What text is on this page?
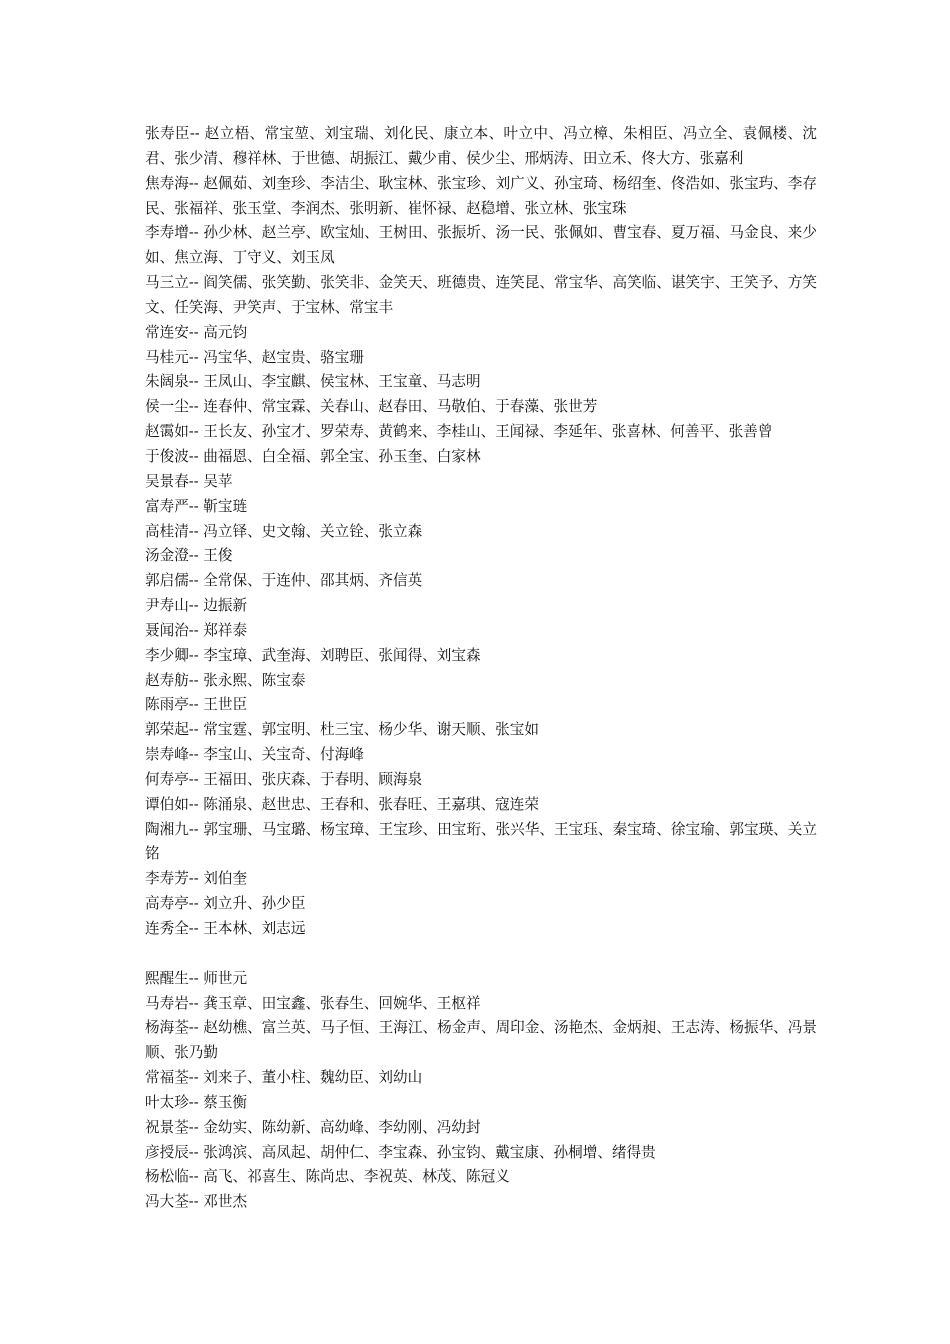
张寿臣-- 赵立梧、常宝堃、刘宝瑞、刘化民、康立本、叶立中、冯立樟、朱相臣、冯立全、袁佩楼、沈君、张少清、穆祥林、于世德、胡振江、戴少甫、侯少尘、邢炳涛、田立禾、佟大方、张嘉利

焦寿海-- 赵佩茹、刘奎珍、李洁尘、耿宝林、张宝珍、刘广义、孙宝琦、杨绍奎、佟浩如、张宝玙、李存民、张福祥、张玉堂、李润杰、张明新、崔怀禄、赵稳增、张立林、张宝珠

李寿增-- 孙少林、赵兰亭、欧宝灿、王树田、张振圻、汤一民、张佩如、曹宝春、夏万福、马金良、来少如、焦立海、丁守义、刘玉凤

马三立-- 阎笑儒、张笑勤、张笑非、金笑天、班德贵、连笑昆、常宝华、高笑临、谌笑宇、王笑予、方笑文、任笑海、尹笑声、于宝林、常宝丰

常连安-- 高元钧

马桂元-- 冯宝华、赵宝贵、骆宝珊

朱阔泉-- 王凤山、李宝麒、侯宝林、王宝童、马志明

侯一尘-- 连春仲、常宝霖、关春山、赵春田、马敬伯、于春藻、张世芳

赵霭如-- 王长友、孙宝才、罗荣寿、黄鹤来、李桂山、王闻禄、李延年、张喜林、何善平、张善曾

于俊波-- 曲福恩、白全福、郭全宝、孙玉奎、白家林

吴景春-- 吴苹

富寿严-- 靳宝琏

高桂清-- 冯立铎、史文翰、关立铨、张立森

汤金澄-- 王俊

郭启儒-- 全常保、于连仲、邵其炳、齐信英

尹寿山-- 边振新

聂闻治-- 郑祥泰

李少卿-- 李宝璋、武奎海、刘聘臣、张闻得、刘宝森

赵寿舫-- 张永熙、陈宝泰

陈雨亭-- 王世臣

郭荣起-- 常宝霆、郭宝明、杜三宝、杨少华、谢天顺、张宝如

崇寿峰-- 李宝山、关宝奇、付海峰

何寿亭-- 王福田、张庆森、于春明、顾海泉

谭伯如-- 陈涌泉、赵世忠、王春和、张春旺、王嘉琪、寇连荣

陶湘九-- 郭宝珊、马宝璐、杨宝璋、王宝珍、田宝珩、张兴华、王宝珏、秦宝琦、徐宝瑜、郭宝瑛、关立铭

李寿芳-- 刘伯奎

高寿亭-- 刘立升、孙少臣

连秀全-- 王本林、刘志远

熙醒生-- 师世元

马寿岩-- 龚玉章、田宝鑫、张春生、回婉华、王枢祥

杨海荃-- 赵幼樵、富兰英、马子恒、王海江、杨金声、周印金、汤艳杰、金炳昶、王志涛、杨振华、冯景顺、张乃勤

常福荃-- 刘来子、董小柱、魏幼臣、刘幼山

叶太珍-- 蔡玉衡

祝景荃-- 金幼实、陈幼新、高幼峰、李幼刚、冯幼封

彦授辰-- 张鸿滨、高凤起、胡仲仁、李宝森、孙宝钧、戴宝康、孙桐增、绪得贵

杨松临-- 高飞、祁喜生、陈尚忠、李祝英、林茂、陈冠义

冯大荃-- 邓世杰
